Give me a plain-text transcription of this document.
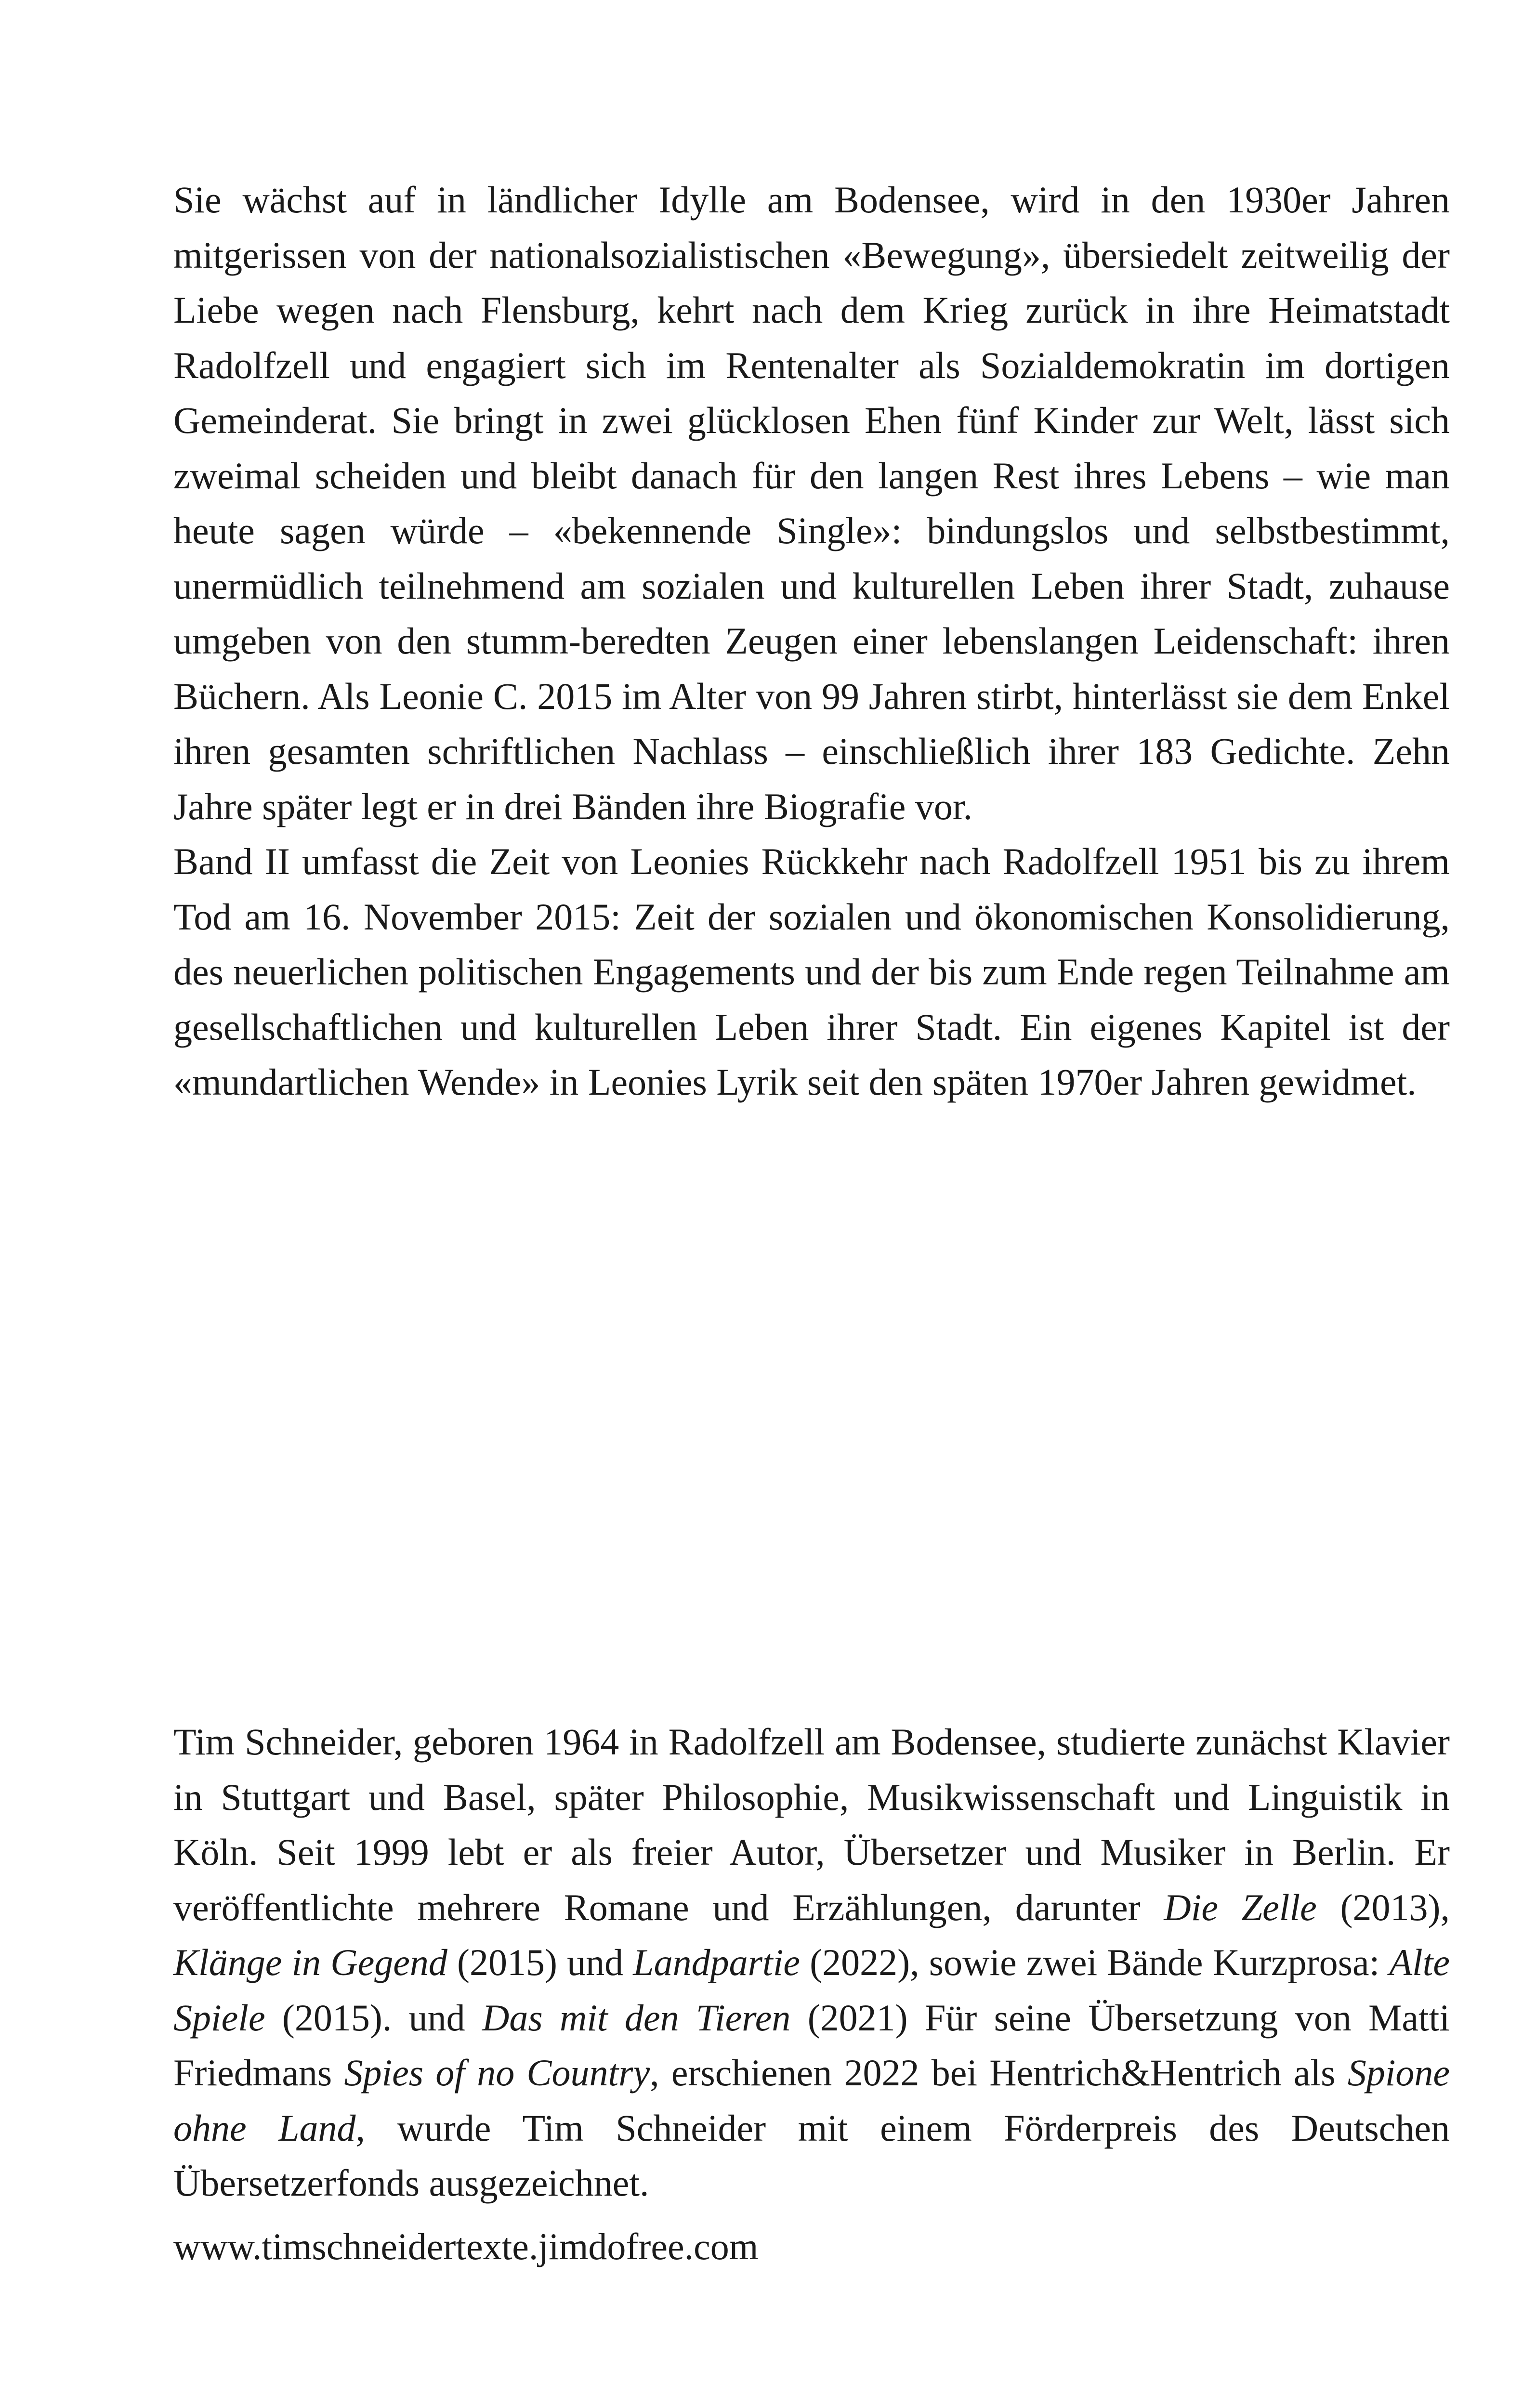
Sie wächst auf in ländlicher Idylle am Bodensee, wird in den 1930er Jahren mitgerissen von der nationalsozialistischen «Bewegung», übersiedelt zeitweilig der Liebe wegen nach Flensburg, kehrt nach dem Krieg zurück in ihre Heimatstadt Radolfzell und engagiert sich im Rentenalter als Sozialdemokratin im dortigen Gemeinderat. Sie bringt in zwei glücklosen Ehen fünf Kinder zur Welt, lässt sich zweimal scheiden und bleibt danach für den langen Rest ihres Lebens – wie man heute sagen würde – «bekennende Single»: bindungslos und selbstbestimmt, unermüdlich teilnehmend am sozialen und kulturellen Leben ihrer Stadt, zuhause umgeben von den stumm-beredten Zeugen einer lebenslangen Leidenschaft: ihren Büchern. Als Leonie C. 2015 im Alter von 99 Jahren stirbt, hinterlässt sie dem Enkel ihren gesamten schriftlichen Nachlass – einschließlich ihrer 183 Gedichte. Zehn Jahre später legt er in drei Bänden ihre Biografie vor.

Band II umfasst die Zeit von Leonies Rückkehr nach Radolfzell 1951 bis zu ihrem Tod am 16. November 2015: Zeit der sozialen und ökonomischen Konsolidierung, des neuerlichen politischen Engagements und der bis zum Ende regen Teilnahme am gesellschaftlichen und kulturellen Leben ihrer Stadt. Ein eigenes Kapitel ist der «mundartlichen Wende» in Leonies Lyrik seit den späten 1970er Jahren gewidmet.

Tim Schneider, geboren 1964 in Radolfzell am Bodensee, studierte zunächst Klavier in Stuttgart und Basel, später Philosophie, Musikwissenschaft und Linguistik in Köln. Seit 1999 lebt er als freier Autor, Übersetzer und Musiker in Berlin. Er veröffentlichte mehrere Romane und Erzählungen, darunter Die Zelle (2013), Klänge in Gegend (2015) und Landpartie (2022), sowie zwei Bände Kurzprosa: Alte Spiele (2015). und Das mit den Tieren (2021) Für seine Übersetzung von Matti Friedmans Spies of no Country, erschienen 2022 bei Hentrich&Hentrich als Spione ohne Land, wurde Tim Schneider mit einem Förderpreis des Deutschen Übersetzerfonds ausgezeichnet.

www.timschneidertexte.jimdofree.com
